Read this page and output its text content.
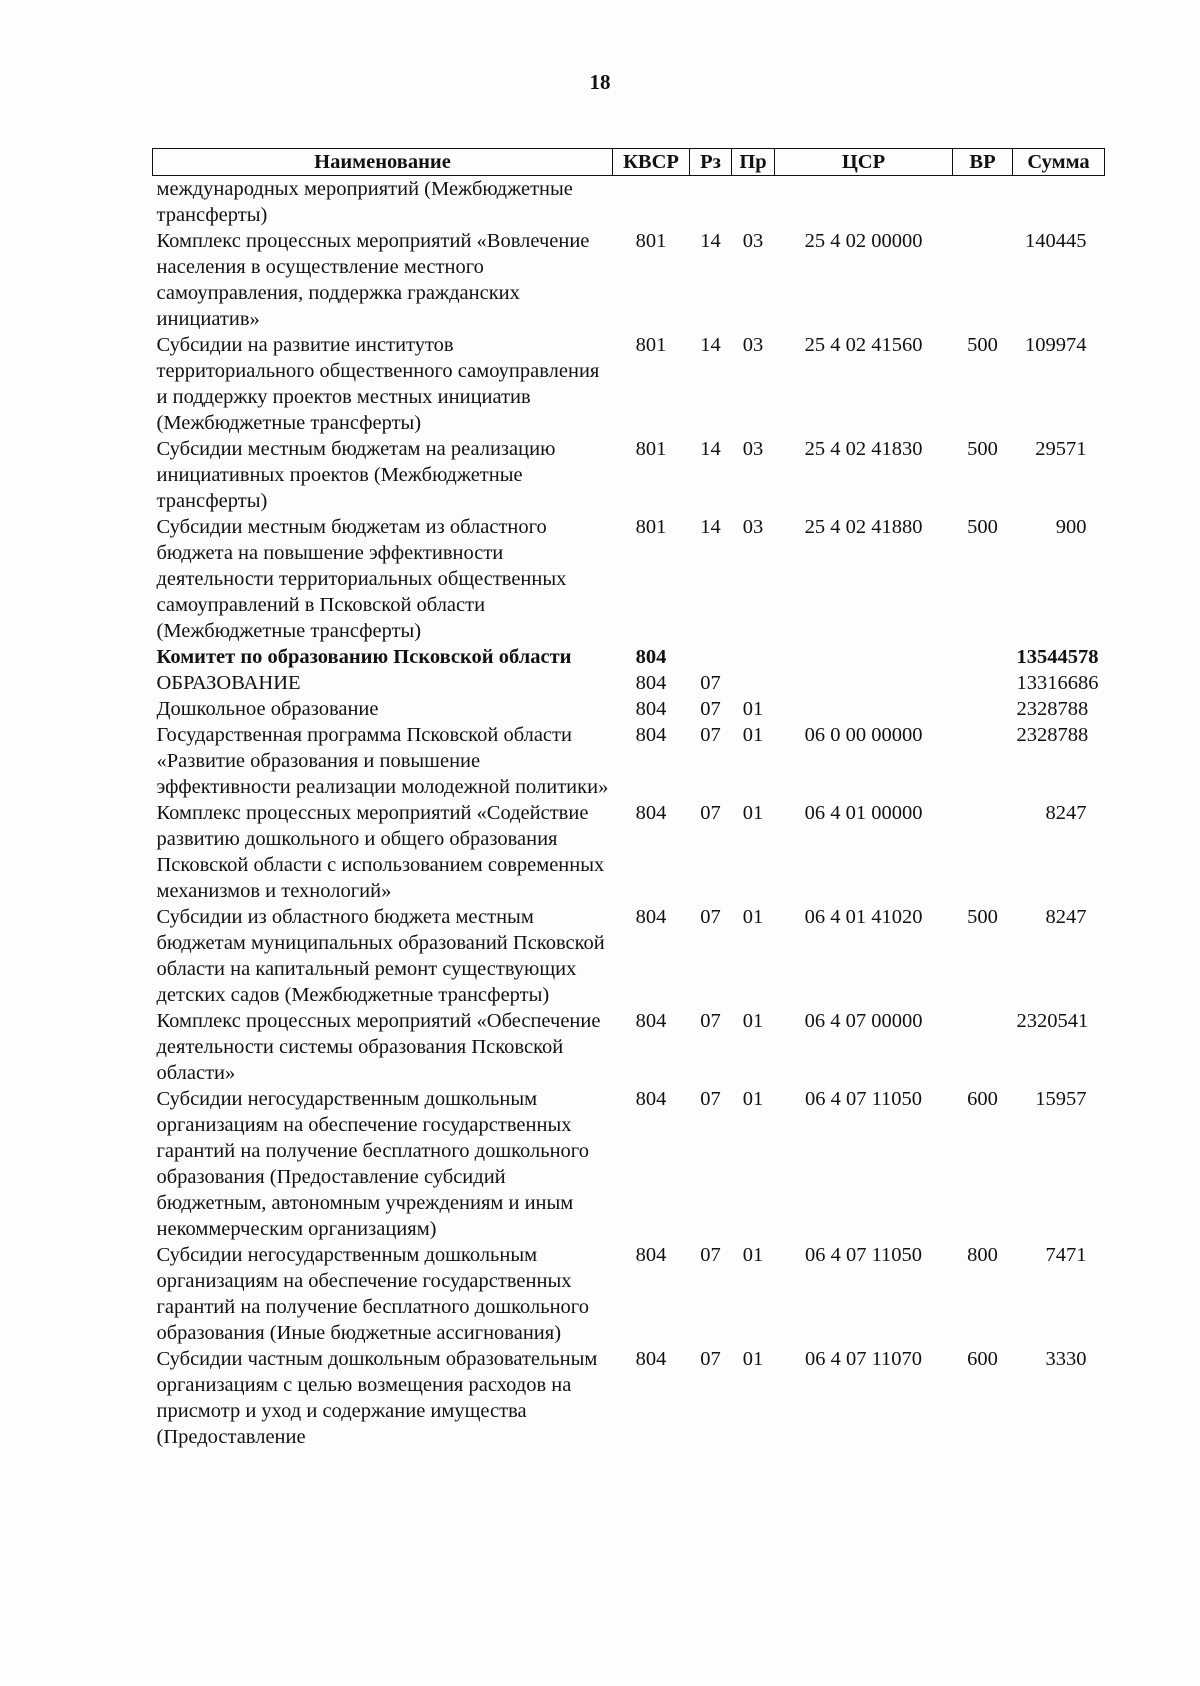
18
Наименование	КВСР	Рз	Пр	ЦСР	ВР	Сумма
международных мероприятий (Межбюджетные трансферты)						
Комплекс процессных мероприятий «Вовлечение населения в осуществление местного самоуправления, поддержка гражданских инициатив»	801	14	03	25 4 02 00000		140445
Субсидии на развитие институтов территориального общественного самоуправления и поддержку проектов местных инициатив (Межбюджетные трансферты)	801	14	03	25 4 02 41560	500	109974
Субсидии местным бюджетам на реализацию инициативных проектов (Межбюджетные трансферты)	801	14	03	25 4 02 41830	500	29571
Субсидии местным бюджетам из областного бюджета на повышение эффективности деятельности территориальных общественных самоуправлений в Псковской области (Межбюджетные трансферты)	801	14	03	25 4 02 41880	500	900
Комитет по образованию Псковской области	804					13544578
ОБРАЗОВАНИЕ	804	07				13316686
Дошкольное образование	804	07	01			2328788
Государственная программа Псковской области «Развитие образования и повышение эффективности реализации молодежной политики»	804	07	01	06 0 00 00000		2328788
Комплекс процессных мероприятий «Содействие развитию дошкольного и общего образования Псковской области с использованием современных механизмов и технологий»	804	07	01	06 4 01 00000		8247
Субсидии из областного бюджета местным бюджетам муниципальных образований Псковской области на капитальный ремонт существующих детских садов (Межбюджетные трансферты)	804	07	01	06 4 01 41020	500	8247
Комплекс процессных мероприятий «Обеспечение деятельности системы образования Псковской области»	804	07	01	06 4 07 00000		2320541
Субсидии негосударственным дошкольным организациям на обеспечение государственных гарантий на получение бесплатного дошкольного образования (Предоставление субсидий бюджетным, автономным учреждениям и иным некоммерческим организациям)	804	07	01	06 4 07 11050	600	15957
Субсидии негосударственным дошкольным организациям на обеспечение государственных гарантий на получение бесплатного дошкольного образования (Иные бюджетные ассигнования)	804	07	01	06 4 07 11050	800	7471
Субсидии частным дошкольным образовательным организациям с целью возмещения расходов на присмотр и уход и содержание имущества (Предоставление	804	07	01	06 4 07 11070	600	3330
